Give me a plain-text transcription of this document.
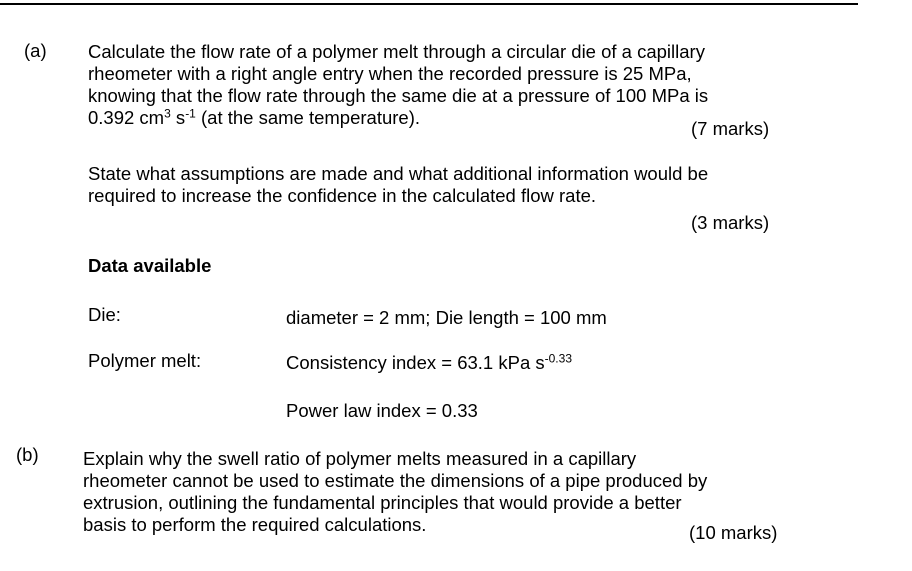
(a) Calculate the flow rate of a polymer melt through a circular die of a capillary
rheometer with a right angle entry when the recorded pressure is 25 MPa,
knowing that the flow rate through the same die at a pressure of 100 MPa is
0.392 $cm^3$ $s^{-1}$ (at the same temperature).
(7 marks)
State what assumptions are made and what additional information would be
required to increase the confidence in the calculated flow rate.
(3 marks)
Data available
Die:	diameter = 2 mm; Die length = 100 mm
Polymer melt:	Consistency index = 63.1 kPa $s^{-0.33}$
Power law index = 0.33
(b) Explain why the swell ratio of polymer melts measured in a capillary
rheometer cannot be used to estimate the dimensions of a pipe produced by
extrusion, outlining the fundamental principles that would provide a better
basis to perform the required calculations.	(10 marks)
